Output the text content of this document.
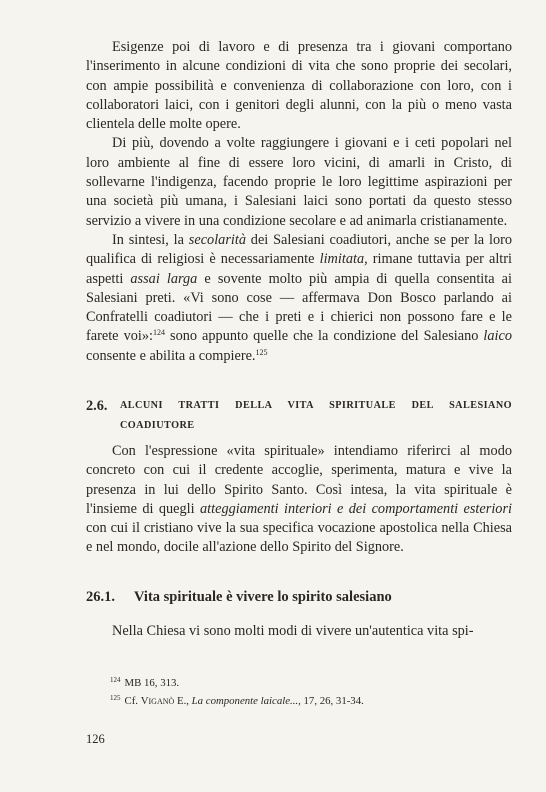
Esigenze poi di lavoro e di presenza tra i giovani comportano l'inserimento in alcune condizioni di vita che sono proprie dei secolari, con ampie possibilità e convenienza di collaborazione con loro, con i collaboratori laici, con i genitori degli alunni, con la più o meno vasta clientela delle molte opere.

Di più, dovendo a volte raggiungere i giovani e i ceti popolari nel loro ambiente al fine di essere loro vicini, di amarli in Cristo, di sollevarne l'indigenza, facendo proprie le loro legittime aspirazioni per una società più umana, i Salesiani laici sono portati da questo stesso servizio a vivere in una condizione secolare e ad animarla cristianamente.

In sintesi, la secolarità dei Salesiani coadiutori, anche se per la loro qualifica di religiosi è necessariamente limitata, rimane tuttavia per altri aspetti assai larga e sovente molto più ampia di quella consentita ai Salesiani preti. «Vi sono cose — affermava Don Bosco parlando ai Confratelli coadiutori — che i preti e i chierici non possono fare e le farete voi»:$^{124}$ sono appunto quelle che la condizione del Salesiano laico consente e abilita a compiere.$^{125}$

2.6. ALCUNI TRATTI DELLA VITA SPIRITUALE DEL SALESIANO COADIUTORE

Con l'espressione «vita spirituale» intendiamo riferirci al modo concreto con cui il credente accoglie, sperimenta, matura e vive la presenza in lui dello Spirito Santo. Così intesa, la vita spirituale è l'insieme di quegli atteggiamenti interiori e dei comportamenti esteriori con cui il cristiano vive la sua specifica vocazione apostolica nella Chiesa e nel mondo, docile all'azione dello Spirito del Signore.

26.1. Vita spirituale è vivere lo spirito salesiano

Nella Chiesa vi sono molti modi di vivere un'autentica vita spi-

$^{124}$ MB 16, 313.

$^{125}$ Cf. Viganò E., La componente laicale..., 17, 26, 31-34.

126
